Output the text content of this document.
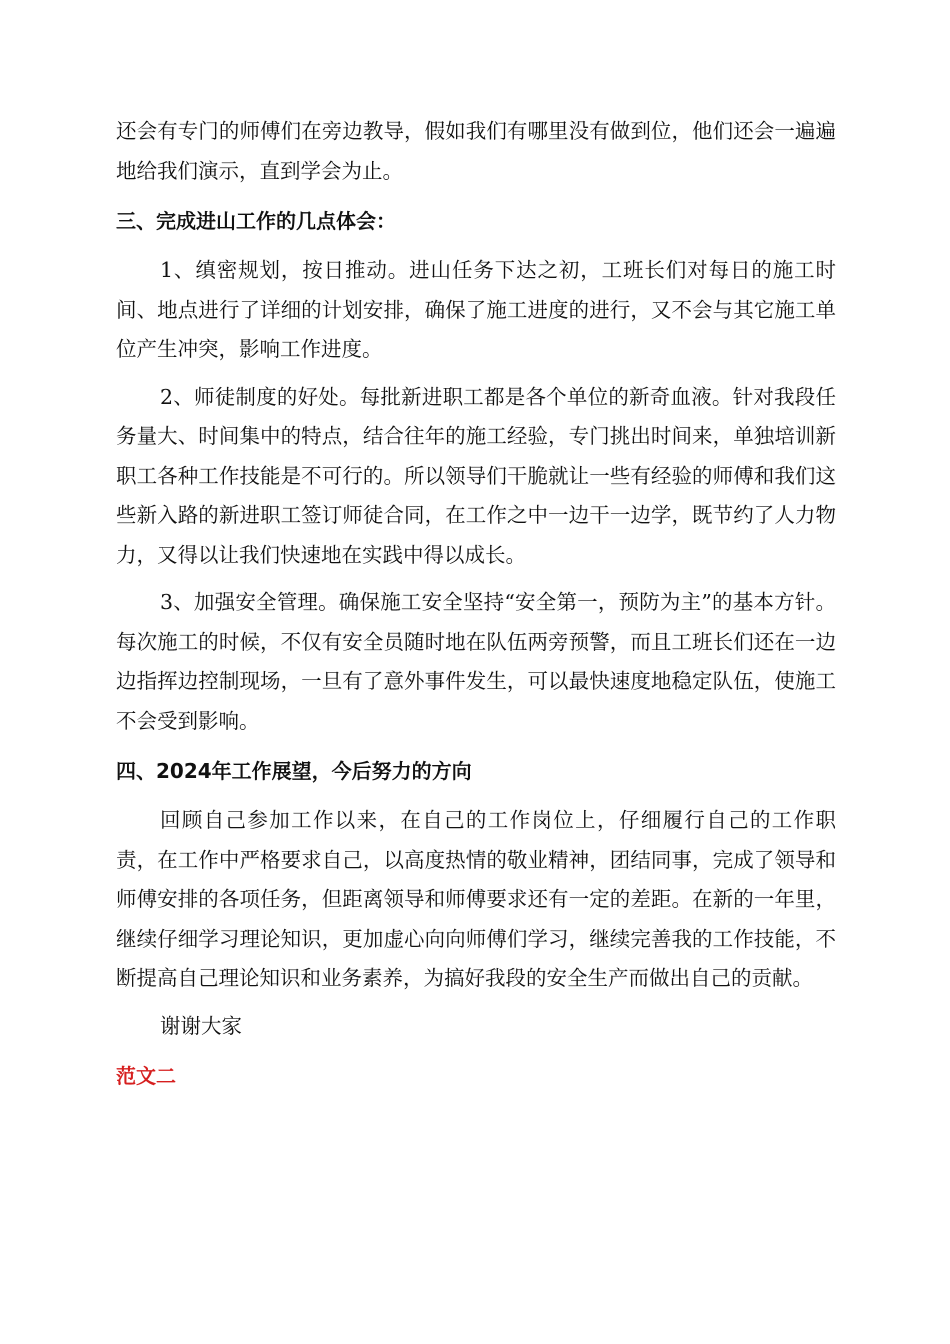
还会有专门的师傅们在旁边教导，假如我们有哪里没有做到位，他们还会一遍遍地给我们演示，直到学会为止。

三、完成进山工作的几点体会：

1、缜密规划，按日推动。进山任务下达之初，工班长们对每日的施工时间、地点进行了详细的计划安排，确保了施工进度的进行，又不会与其它施工单位产生冲突，影响工作进度。

2、师徒制度的好处。每批新进职工都是各个单位的新奇血液。针对我段任务量大、时间集中的特点，结合往年的施工经验，专门挑出时间来，单独培训新职工各种工作技能是不可行的。所以领导们干脆就让一些有经验的师傅和我们这些新入路的新进职工签订师徒合同，在工作之中一边干一边学，既节约了人力物力，又得以让我们快速地在实践中得以成长。

3、加强安全管理。确保施工安全坚持“安全第一，预防为主”的基本方针。每次施工的时候，不仅有安全员随时地在队伍两旁预警，而且工班长们还在一边边指挥边控制现场，一旦有了意外事件发生，可以最快速度地稳定队伍，使施工不会受到影响。

四、2024年工作展望，今后努力的方向

回顾自己参加工作以来，在自己的工作岗位上，仔细履行自己的工作职责，在工作中严格要求自己，以高度热情的敬业精神，团结同事，完成了领导和师傅安排的各项任务，但距离领导和师傅要求还有一定的差距。在新的一年里，继续仔细学习理论知识，更加虚心向向师傅们学习，继续完善我的工作技能，不断提高自己理论知识和业务素养，为搞好我段的安全生产而做出自己的贡献。

谢谢大家

范文二
